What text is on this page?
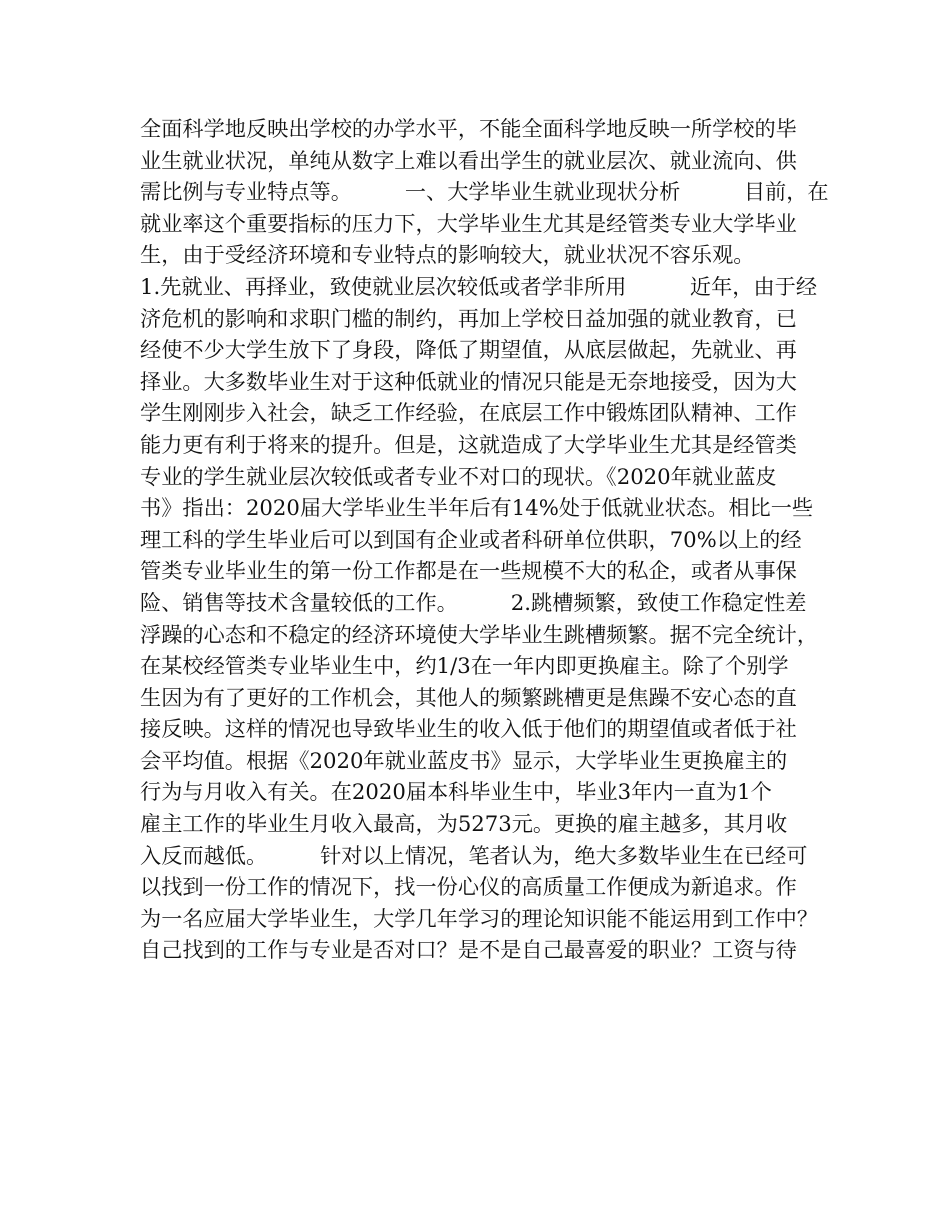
全面科学地反映出学校的办学水平，不能全面科学地反映一所学校的毕
业生就业状况，单纯从数字上难以看出学生的就业层次、就业流向、供
需比例与专业特点等。　　　一、大学毕业生就业现状分析　　　目前，在
就业率这个重要指标的压力下，大学毕业生尤其是经管类专业大学毕业
生，由于受经济环境和专业特点的影响较大，就业状况不容乐观。
1.先就业、再择业，致使就业层次较低或者学非所用　　　近年，由于经
济危机的影响和求职门槛的制约，再加上学校日益加强的就业教育，已
经使不少大学生放下了身段，降低了期望值，从底层做起，先就业、再
择业。大多数毕业生对于这种低就业的情况只能是无奈地接受，因为大
学生刚刚步入社会，缺乏工作经验，在底层工作中锻炼团队精神、工作
能力更有利于将来的提升。但是，这就造成了大学毕业生尤其是经管类
专业的学生就业层次较低或者专业不对口的现状。《2020年就业蓝皮
书》指出：2020届大学毕业生半年后有14%处于低就业状态。相比一些
理工科的学生毕业后可以到国有企业或者科研单位供职，70%以上的经
管类专业毕业生的第一份工作都是在一些规模不大的私企，或者从事保
险、销售等技术含量较低的工作。　　　2.跳槽频繁，致使工作稳定性差
浮躁的心态和不稳定的经济环境使大学毕业生跳槽频繁。据不完全统计，
在某校经管类专业毕业生中，约1/3在一年内即更换雇主。除了个别学
生因为有了更好的工作机会，其他人的频繁跳槽更是焦躁不安心态的直
接反映。这样的情况也导致毕业生的收入低于他们的期望值或者低于社
会平均值。根据《2020年就业蓝皮书》显示，大学毕业生更换雇主的
行为与月收入有关。在2020届本科毕业生中，毕业3年内一直为1个
雇主工作的毕业生月收入最高，为5273元。更换的雇主越多，其月收
入反而越低。　　　针对以上情况，笔者认为，绝大多数毕业生在已经可
以找到一份工作的情况下，找一份心仪的高质量工作便成为新追求。作
为一名应届大学毕业生，大学几年学习的理论知识能不能运用到工作中？
自己找到的工作与专业是否对口？是不是自己最喜爱的职业？工资与待
